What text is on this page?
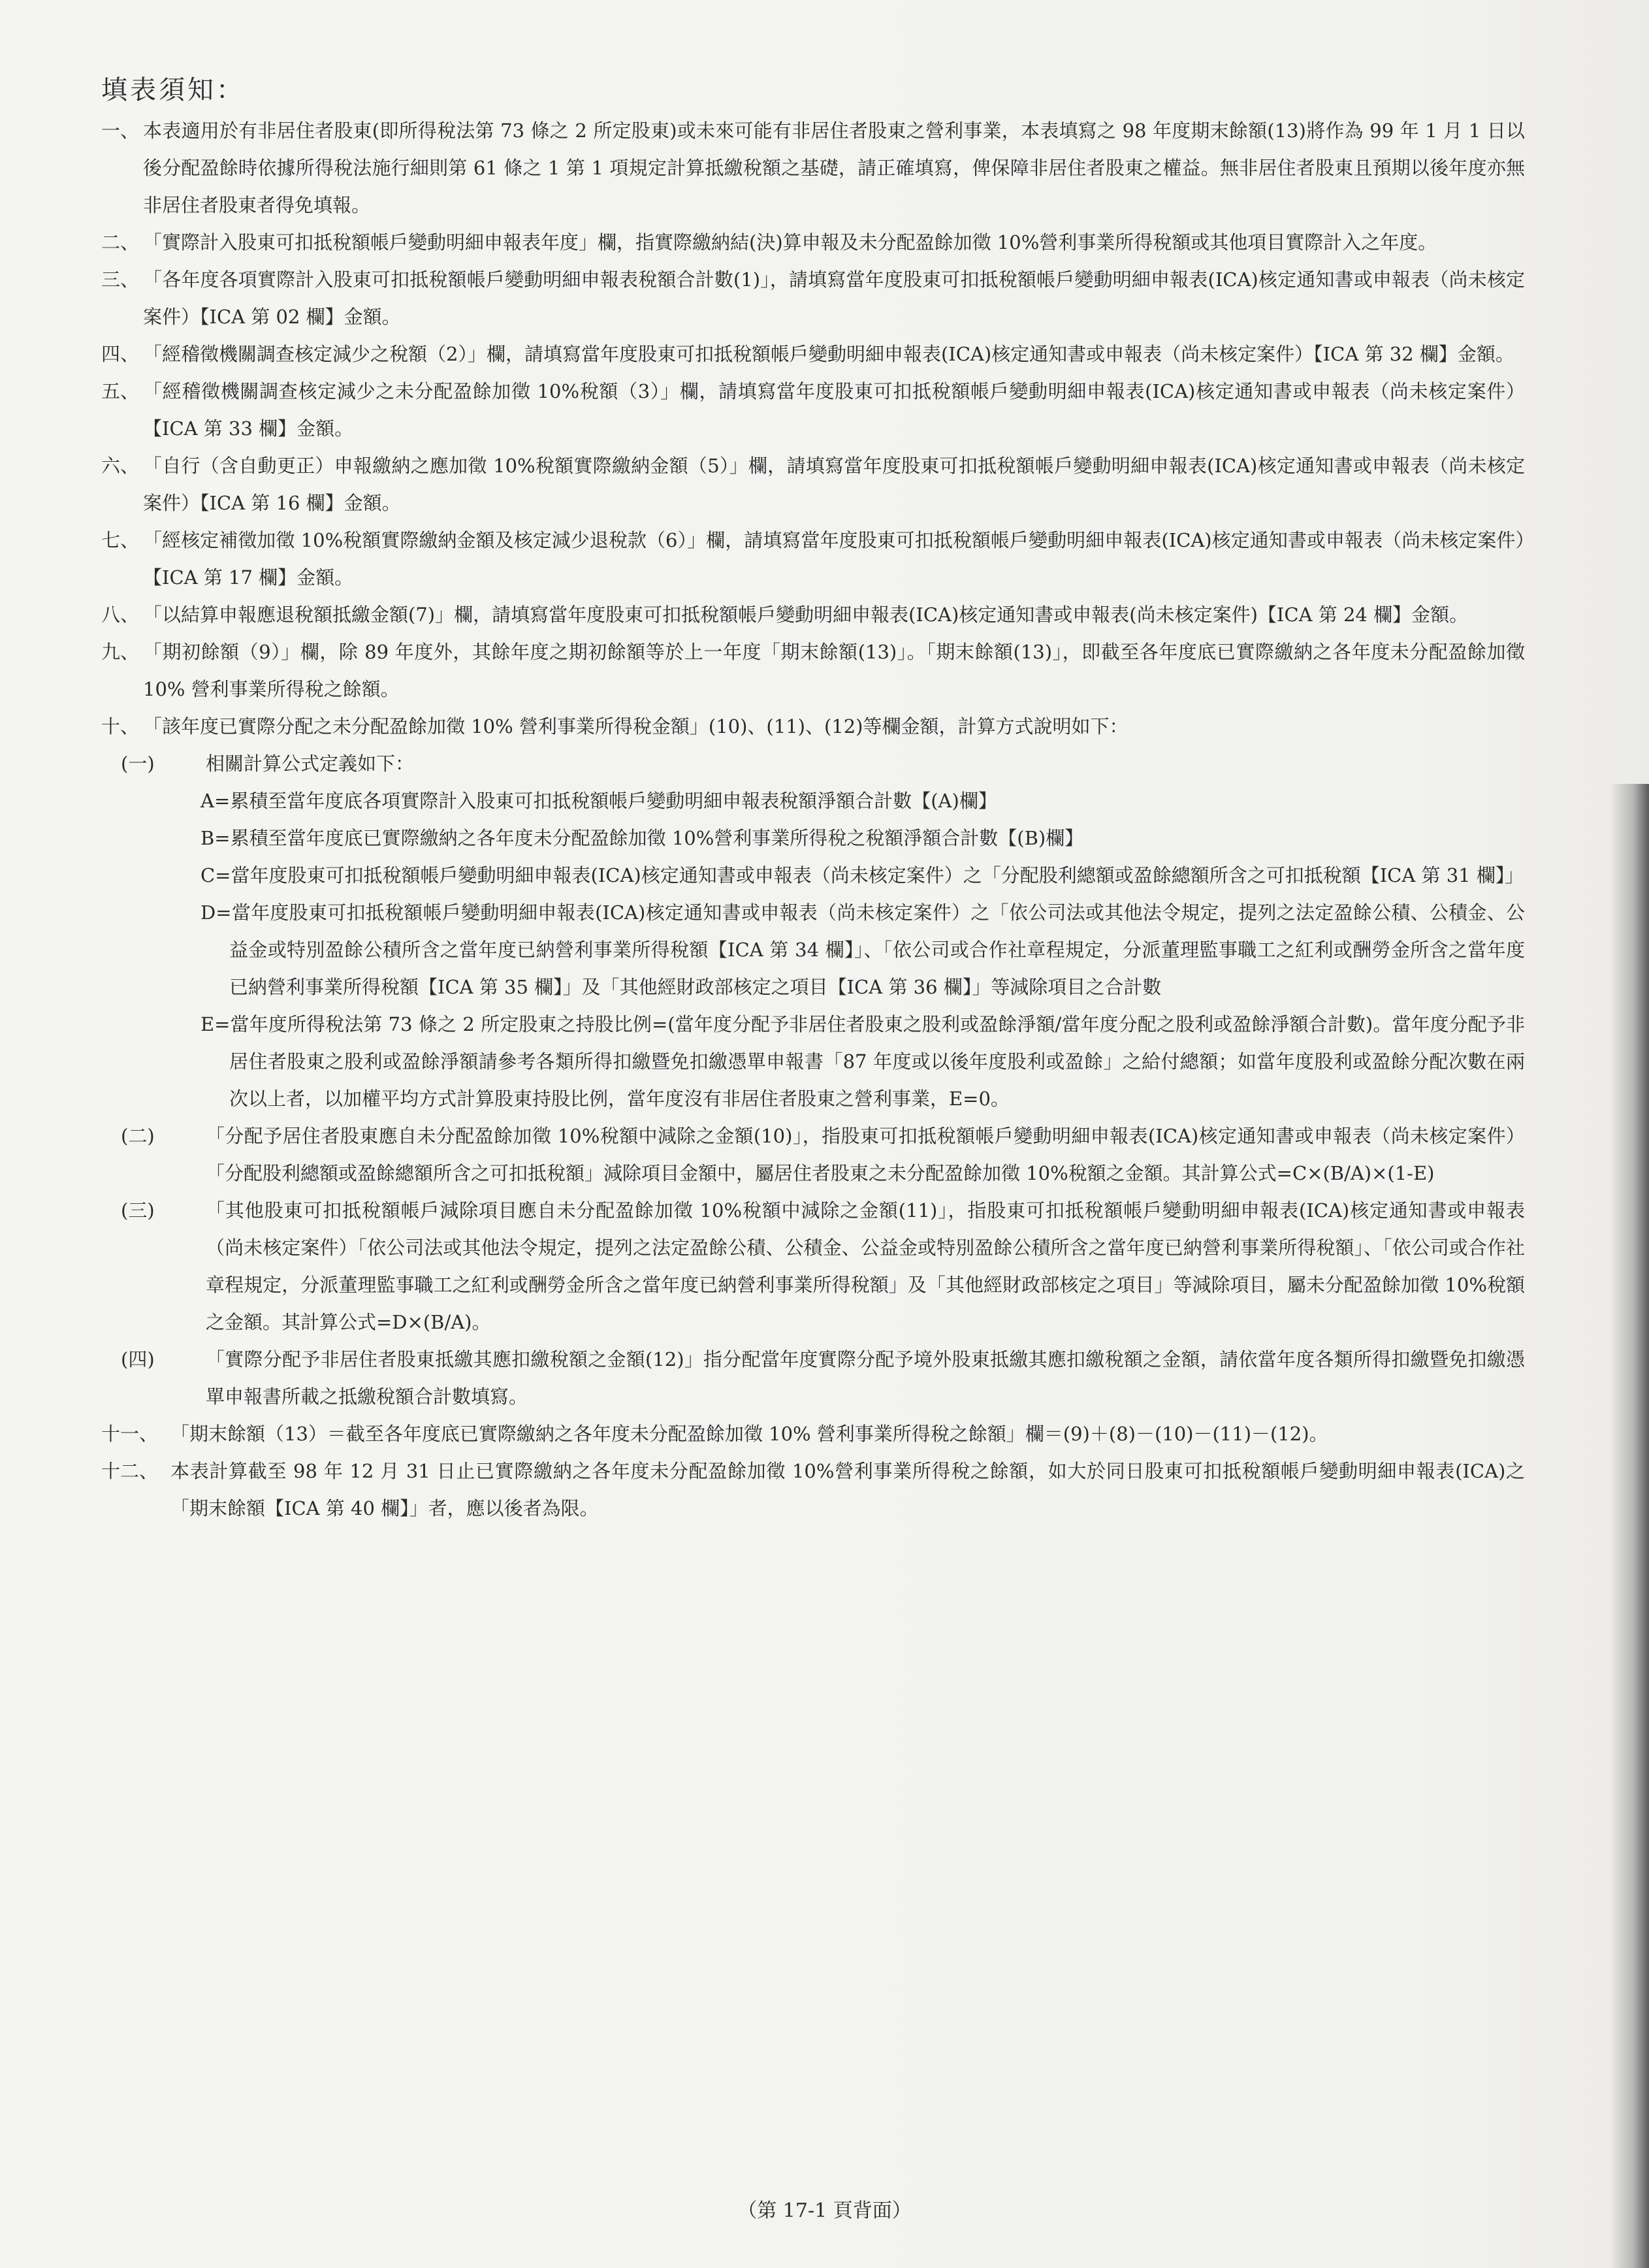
填表須知：

一、 本表適用於有非居住者股東(即所得稅法第 73 條之 2 所定股東)或未來可能有非居住者股東之營利事業，本表填寫之 98 年度期末餘額(13)將作為 99 年 1 月 1 日以後分配盈餘時依據所得稅法施行細則第 61 條之 1 第 1 項規定計算抵繳稅額之基礎，請正確填寫，俾保障非居住者股東之權益。無非居住者股東且預期以後年度亦無非居住者股東者得免填報。

二、 「實際計入股東可扣抵稅額帳戶變動明細申報表年度」欄，指實際繳納結(決)算申報及未分配盈餘加徵 10%營利事業所得稅額或其他項目實際計入之年度。

三、 「各年度各項實際計入股東可扣抵稅額帳戶變動明細申報表稅額合計數(1)」，請填寫當年度股東可扣抵稅額帳戶變動明細申報表(ICA)核定通知書或申報表（尚未核定案件）【ICA 第 02 欄】金額。

四、 「經稽徵機關調查核定減少之稅額（2）」欄，請填寫當年度股東可扣抵稅額帳戶變動明細申報表(ICA)核定通知書或申報表（尚未核定案件）【ICA 第 32 欄】金額。

五、 「經稽徵機關調查核定減少之未分配盈餘加徵 10%稅額（3）」欄，請填寫當年度股東可扣抵稅額帳戶變動明細申報表(ICA)核定通知書或申報表（尚未核定案件）【ICA 第 33 欄】金額。

六、 「自行（含自動更正）申報繳納之應加徵 10%稅額實際繳納金額（5）」欄，請填寫當年度股東可扣抵稅額帳戶變動明細申報表(ICA)核定通知書或申報表（尚未核定案件）【ICA 第 16 欄】金額。

七、 「經核定補徵加徵 10%稅額實際繳納金額及核定減少退稅款（6）」欄，請填寫當年度股東可扣抵稅額帳戶變動明細申報表(ICA)核定通知書或申報表（尚未核定案件）【ICA 第 17 欄】金額。

八、 「以結算申報應退稅額抵繳金額(7)」欄，請填寫當年度股東可扣抵稅額帳戶變動明細申報表(ICA)核定通知書或申報表(尚未核定案件)【ICA 第 24 欄】金額。

九、 「期初餘額（9）」欄，除 89 年度外，其餘年度之期初餘額等於上一年度「期末餘額(13)」。「期末餘額(13)」，即截至各年度底已實際繳納之各年度未分配盈餘加徵 10% 營利事業所得稅之餘額。

十、 「該年度已實際分配之未分配盈餘加徵 10% 營利事業所得稅金額」(10)、(11)、(12)等欄金額，計算方式說明如下：

(一)	相關計算公式定義如下：

A=累積至當年度底各項實際計入股東可扣抵稅額帳戶變動明細申報表稅額淨額合計數【(A)欄】

B=累積至當年度底已實際繳納之各年度未分配盈餘加徵 10%營利事業所得稅之稅額淨額合計數【(B)欄】

C=當年度股東可扣抵稅額帳戶變動明細申報表(ICA)核定通知書或申報表（尚未核定案件）之「分配股利總額或盈餘總額所含之可扣抵稅額【ICA 第 31 欄】」

D=當年度股東可扣抵稅額帳戶變動明細申報表(ICA)核定通知書或申報表（尚未核定案件）之「依公司法或其他法令規定，提列之法定盈餘公積、公積金、公益金或特別盈餘公積所含之當年度已納營利事業所得稅額【ICA 第 34 欄】」、「依公司或合作社章程規定，分派董理監事職工之紅利或酬勞金所含之當年度已納營利事業所得稅額【ICA 第 35 欄】」及「其他經財政部核定之項目【ICA 第 36 欄】」等減除項目之合計數

E=當年度所得稅法第 73 條之 2 所定股東之持股比例=(當年度分配予非居住者股東之股利或盈餘淨額/當年度分配之股利或盈餘淨額合計數)。當年度分配予非居住者股東之股利或盈餘淨額請參考各類所得扣繳暨免扣繳憑單申報書「87 年度或以後年度股利或盈餘」之給付總額；如當年度股利或盈餘分配次數在兩次以上者，以加權平均方式計算股東持股比例，當年度沒有非居住者股東之營利事業，E=0。

(二)	「分配予居住者股東應自未分配盈餘加徵 10%稅額中減除之金額(10)」，指股東可扣抵稅額帳戶變動明細申報表(ICA)核定通知書或申報表（尚未核定案件）「分配股利總額或盈餘總額所含之可扣抵稅額」減除項目金額中，屬居住者股東之未分配盈餘加徵 10%稅額之金額。其計算公式=C×(B/A)×(1-E)

(三)	「其他股東可扣抵稅額帳戶減除項目應自未分配盈餘加徵 10%稅額中減除之金額(11)」，指股東可扣抵稅額帳戶變動明細申報表(ICA)核定通知書或申報表（尚未核定案件）「依公司法或其他法令規定，提列之法定盈餘公積、公積金、公益金或特別盈餘公積所含之當年度已納營利事業所得稅額」、「依公司或合作社章程規定，分派董理監事職工之紅利或酬勞金所含之當年度已納營利事業所得稅額」及「其他經財政部核定之項目」等減除項目，屬未分配盈餘加徵 10%稅額之金額。其計算公式=D×(B/A)。

(四)	「實際分配予非居住者股東抵繳其應扣繳稅額之金額(12)」指分配當年度實際分配予境外股東抵繳其應扣繳稅額之金額，請依當年度各類所得扣繳暨免扣繳憑單申報書所載之抵繳稅額合計數填寫。

十一、 「期末餘額（13）＝截至各年度底已實際繳納之各年度未分配盈餘加徵 10% 營利事業所得稅之餘額」欄＝(9)＋(8)－(10)－(11)－(12)。

十二、 本表計算截至 98 年 12 月 31 日止已實際繳納之各年度未分配盈餘加徵 10%營利事業所得稅之餘額，如大於同日股東可扣抵稅額帳戶變動明細申報表(ICA)之「期末餘額【ICA 第 40 欄】」者，應以後者為限。

（第 17-1 頁背面）
